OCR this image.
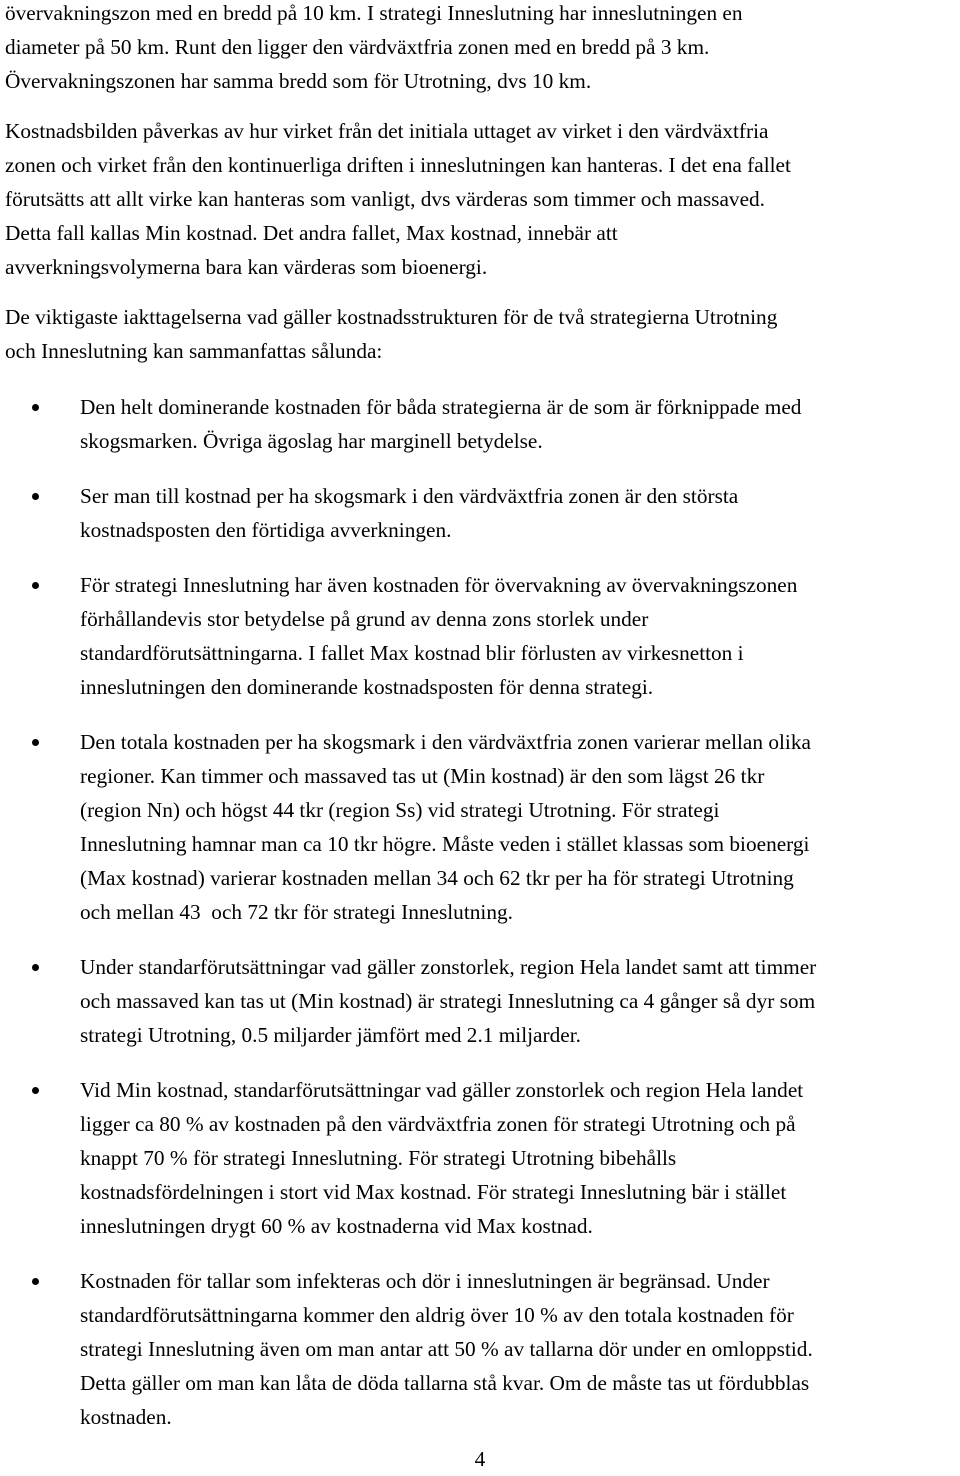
övervakningszon med en bredd på 10 km. I strategi Inneslutning har inneslutningen en

diameter på 50 km. Runt den ligger den värdväxtfria zonen med en bredd på 3 km.

Övervakningszonen har samma bredd som för Utrotning, dvs 10 km.

Kostnadsbilden påverkas av hur virket från det initiala uttaget av virket i den värdväxtfria

zonen och virket från den kontinuerliga driften i inneslutningen kan hanteras. I det ena fallet

förutsätts att allt virke kan hanteras som vanligt, dvs värderas som timmer och massaved.

Detta fall kallas Min kostnad. Det andra fallet, Max kostnad, innebär att

avverkningsvolymerna bara kan värderas som bioenergi.

De viktigaste iakttagelserna vad gäller kostnadsstrukturen för de två strategierna Utrotning

och Inneslutning kan sammanfattas sålunda:

Den helt dominerande kostnaden för båda strategierna är de som är förknippade med

skogsmarken. Övriga ägoslag har marginell betydelse.

Ser man till kostnad per ha skogsmark i den värdväxtfria zonen är den största

kostnadsposten den förtidiga avverkningen.

För strategi Inneslutning har även kostnaden för övervakning av övervakningszonen

förhållandevis stor betydelse på grund av denna zons storlek under

standardförutsättningarna. I fallet Max kostnad blir förlusten av virkesnetton i

inneslutningen den dominerande kostnadsposten för denna strategi.

Den totala kostnaden per ha skogsmark i den värdväxtfria zonen varierar mellan olika

regioner. Kan timmer och massaved tas ut (Min kostnad) är den som lägst 26 tkr

(region Nn) och högst 44 tkr (region Ss) vid strategi Utrotning. För strategi

Inneslutning hamnar man ca 10 tkr högre. Måste veden i stället klassas som bioenergi

(Max kostnad) varierar kostnaden mellan 34 och 62 tkr per ha för strategi Utrotning

och mellan 43  och 72 tkr för strategi Inneslutning.

Under standarförutsättningar vad gäller zonstorlek, region Hela landet samt att timmer

och massaved kan tas ut (Min kostnad) är strategi Inneslutning ca 4 gånger så dyr som

strategi Utrotning, 0.5 miljarder jämfört med 2.1 miljarder.

Vid Min kostnad, standarförutsättningar vad gäller zonstorlek och region Hela landet

ligger ca 80 % av kostnaden på den värdväxtfria zonen för strategi Utrotning och på

knappt 70 % för strategi Inneslutning. För strategi Utrotning bibehålls

kostnadsfördelningen i stort vid Max kostnad. För strategi Inneslutning bär i stället

inneslutningen drygt 60 % av kostnaderna vid Max kostnad.

Kostnaden för tallar som infekteras och dör i inneslutningen är begränsad. Under

standardförutsättningarna kommer den aldrig över 10 % av den totala kostnaden för

strategi Inneslutning även om man antar att 50 % av tallarna dör under en omloppstid.

Detta gäller om man kan låta de döda tallarna stå kvar. Om de måste tas ut fördubblas

kostnaden.

4
